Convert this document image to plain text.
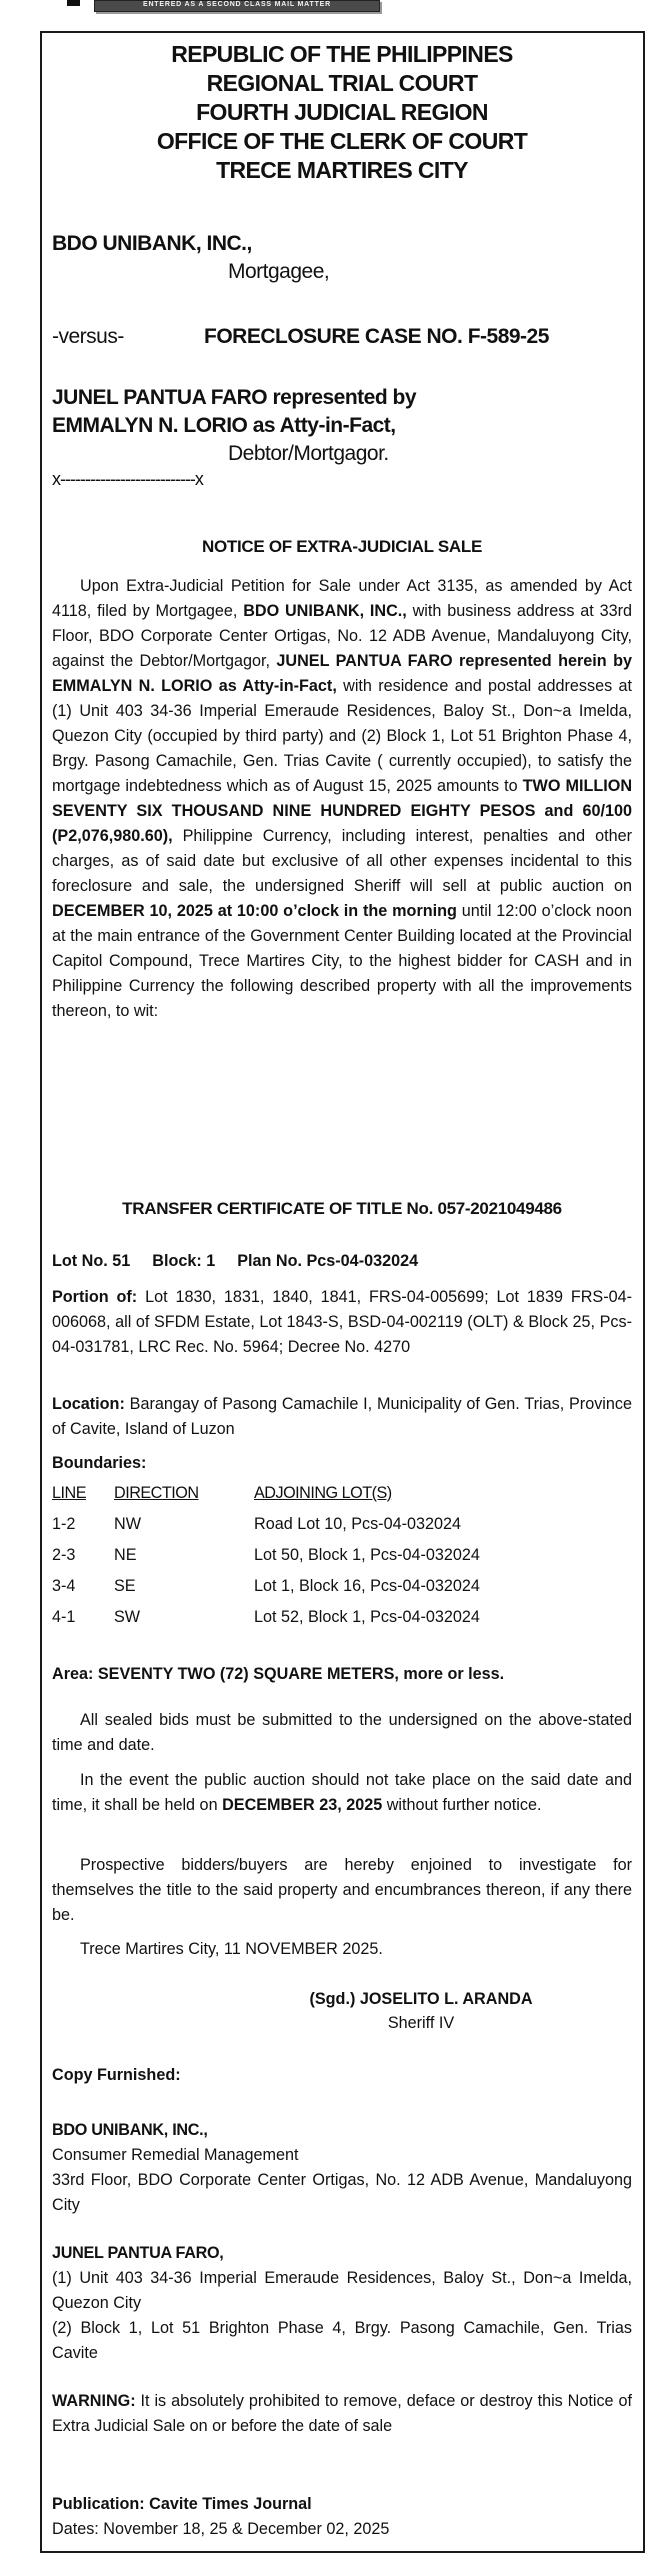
ENTERED AS A SECOND CLASS MAIL MATTER
REPUBLIC OF THE PHILIPPINES
REGIONAL TRIAL COURT
FOURTH JUDICIAL REGION
OFFICE OF THE CLERK OF COURT
TRECE MARTIRES CITY
BDO UNIBANK, INC.,
Mortgagee,
-versus-	FORECLOSURE CASE NO. F-589-25
JUNEL PANTUA FARO represented by
EMMALYN N. LORIO as Atty-in-Fact,
Debtor/Mortgagor.
x---------------------------x
NOTICE OF EXTRA-JUDICIAL SALE
Upon Extra-Judicial Petition for Sale under Act 3135, as amended by Act 4118, filed by Mortgagee, BDO UNIBANK, INC., with business address at 33rd Floor, BDO Corporate Center Ortigas, No. 12 ADB Avenue, Mandaluyong City, against the Debtor/Mortgagor, JUNEL PANTUA FARO represented herein by EMMALYN N. LORIO as Atty-in-Fact, with residence and postal addresses at (1) Unit 403 34-36 Imperial Emeraude Residences, Baloy St., Don~a Imelda, Quezon City (occupied by third party) and (2) Block 1, Lot 51 Brighton Phase 4, Brgy. Pasong Camachile, Gen. Trias Cavite ( currently occupied), to satisfy the mortgage indebtedness which as of August 15, 2025 amounts to TWO MILLION SEVENTY SIX THOUSAND NINE HUNDRED EIGHTY PESOS and 60/100 (P2,076,980.60), Philippine Currency, including interest, penalties and other charges, as of said date but exclusive of all other expenses incidental to this foreclosure and sale, the undersigned Sheriff will sell at public auction on DECEMBER 10, 2025 at 10:00 o’clock in the morning until 12:00 o’clock noon at the main entrance of the Government Center Building located at the Provincial Capitol Compound, Trece Martires City, to the highest bidder for CASH and in Philippine Currency the following described property with all the improvements thereon, to wit:
TRANSFER CERTIFICATE OF TITLE No. 057-2021049486
Lot No. 51 Block: 1 Plan No. Pcs-04-032024
Portion of: Lot 1830, 1831, 1840, 1841, FRS-04-005699; Lot 1839 FRS-04-006068, all of SFDM Estate, Lot 1843-S, BSD-04-002119 (OLT) & Block 25, Pcs-04-031781, LRC Rec. No. 5964; Decree No. 4270
Location: Barangay of Pasong Camachile I, Municipality of Gen. Trias, Province of Cavite, Island of Luzon
Boundaries:
LINE	DIRECTION	ADJOINING LOT(S)
1-2	NW	Road Lot 10, Pcs-04-032024
2-3	NE	Lot 50, Block 1, Pcs-04-032024
3-4	SE	Lot 1, Block 16, Pcs-04-032024
4-1	SW	Lot 52, Block 1, Pcs-04-032024
Area: SEVENTY TWO (72) SQUARE METERS, more or less.
All sealed bids must be submitted to the undersigned on the above-stated time and date.
In the event the public auction should not take place on the said date and time, it shall be held on DECEMBER 23, 2025 without further notice.
Prospective bidders/buyers are hereby enjoined to investigate for themselves the title to the said property and encumbrances thereon, if any there be.
Trece Martires City, 11 NOVEMBER 2025.
(Sgd.) JOSELITO L. ARANDA
Sheriff IV
Copy Furnished:
BDO UNIBANK, INC.,
Consumer Remedial Management
33rd Floor, BDO Corporate Center Ortigas, No. 12 ADB Avenue, Mandaluyong City
JUNEL PANTUA FARO,
(1) Unit 403 34-36 Imperial Emeraude Residences, Baloy St., Don~a Imelda, Quezon City
(2) Block 1, Lot 51 Brighton Phase 4, Brgy. Pasong Camachile, Gen. Trias Cavite
WARNING: It is absolutely prohibited to remove, deface or destroy this Notice of Extra Judicial Sale on or before the date of sale
Publication: Cavite Times Journal
Dates: November 18, 25 & December 02, 2025
